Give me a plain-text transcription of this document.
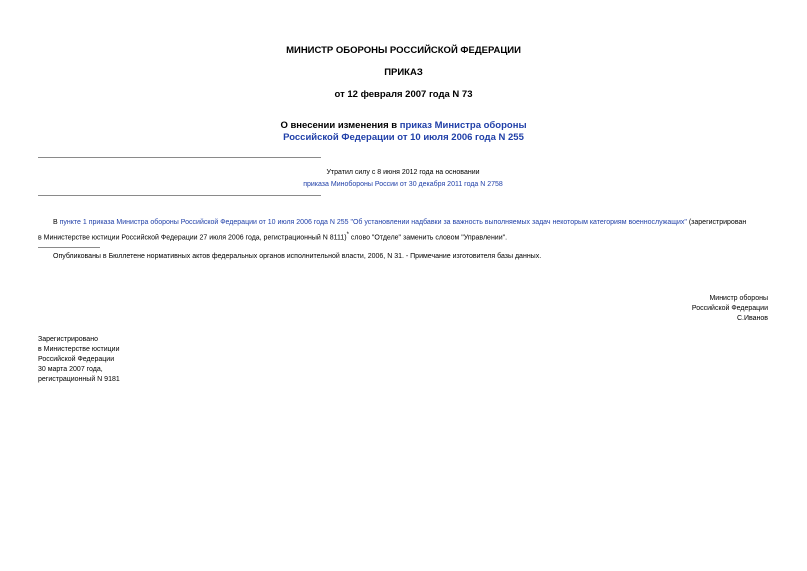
МИНИСТР ОБОРОНЫ РОССИЙСКОЙ ФЕДЕРАЦИИ
ПРИКАЗ
от 12 февраля 2007 года N 73
О внесении изменения в приказ Министра обороны
Российской Федерации от 10 июля 2006 года N 255
Утратил силу с 8 июня 2012 года на основании
приказа Минобороны России от 30 декабря 2011 года N 2758
В пункте 1 приказа Министра обороны Российской Федерации от 10 июля 2006 года N 255 "Об установлении надбавки за важность выполняемых задач некоторым категориям военнослужащих" (зарегистрирован
в Министерстве юстиции Российской Федерации 27 июля 2006 года, регистрационный N 8111)* слово "Отделе" заменить словом "Управлении".
Опубликованы в Бюллетене нормативных актов федеральных органов исполнительной власти, 2006, N 31. - Примечание изготовителя базы данных.
Министр обороны
Российской Федерации
С.Иванов
Зарегистрировано
в Министерстве юстиции
Российской Федерации
30 марта 2007 года,
регистрационный N 9181
